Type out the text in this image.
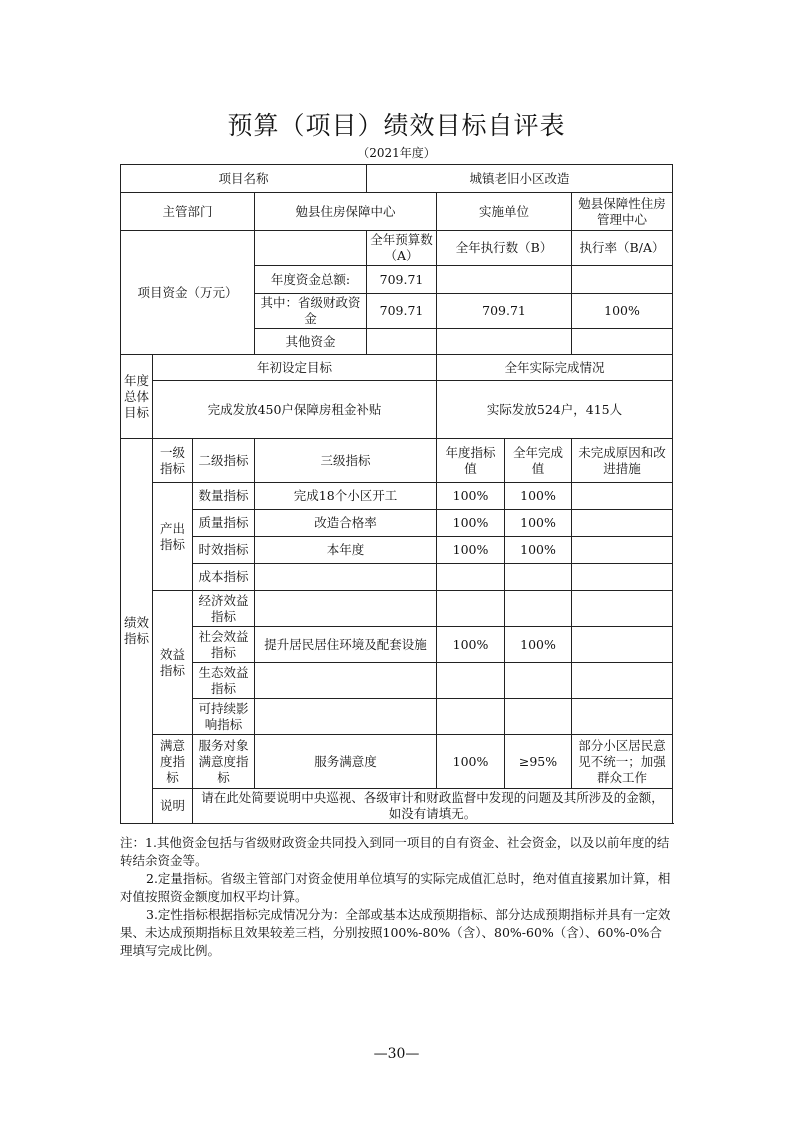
预算（项目）绩效目标自评表
（2021年度）
项目名称				城镇老旧小区改造			
主管部门			勉县住房保障中心		实施单位		勉县保障性住房管理中心
项目资金（万元）				全年预算数（A）	全年执行数（B）		执行率（B/A）
			年度资金总额:	709.71			
			其中：省级财政资金	709.71	709.71		100%
			其他资金				
年度总体目标	年初设定目标				全年实际完成情况		
	完成发放450户保障房租金补贴				实际发放524户，415人		
绩效指标	一级指标	二级指标	三级指标		年度指标值	全年完成值	未完成原因和改进措施
	产出指标	数量指标	完成18个小区开工		100%	100%	
		质量指标	改造合格率		100%	100%	
		时效指标	本年度		100%	100%	
		成本指标					
	效益指标	经济效益指标					
		社会效益指标	提升居民居住环境及配套设施		100%	100%	
		生态效益指标					
		可持续影响指标					
	满意度指标	服务对象满意度指标	服务满意度		100%	≥95%	部分小区居民意见不统一；加强群众工作
	说明	请在此处简要说明中央巡视、各级审计和财政监督中发现的问题及其所涉及的金额，如没有请填无。					

注：1.其他资金包括与省级财政资金共同投入到同一项目的自有资金、社会资金，以及以前年度的结转结余资金等。

2.定量指标。省级主管部门对资金使用单位填写的实际完成值汇总时，绝对值直接累加计算，相对值按照资金额度加权平均计算。

3.定性指标根据指标完成情况分为：全部或基本达成预期指标、部分达成预期指标并具有一定效果、未达成预期指标且效果较差三档，分别按照100%-80%（含）、80%-60%（含）、60%-0%合理填写完成比例。

—30—
